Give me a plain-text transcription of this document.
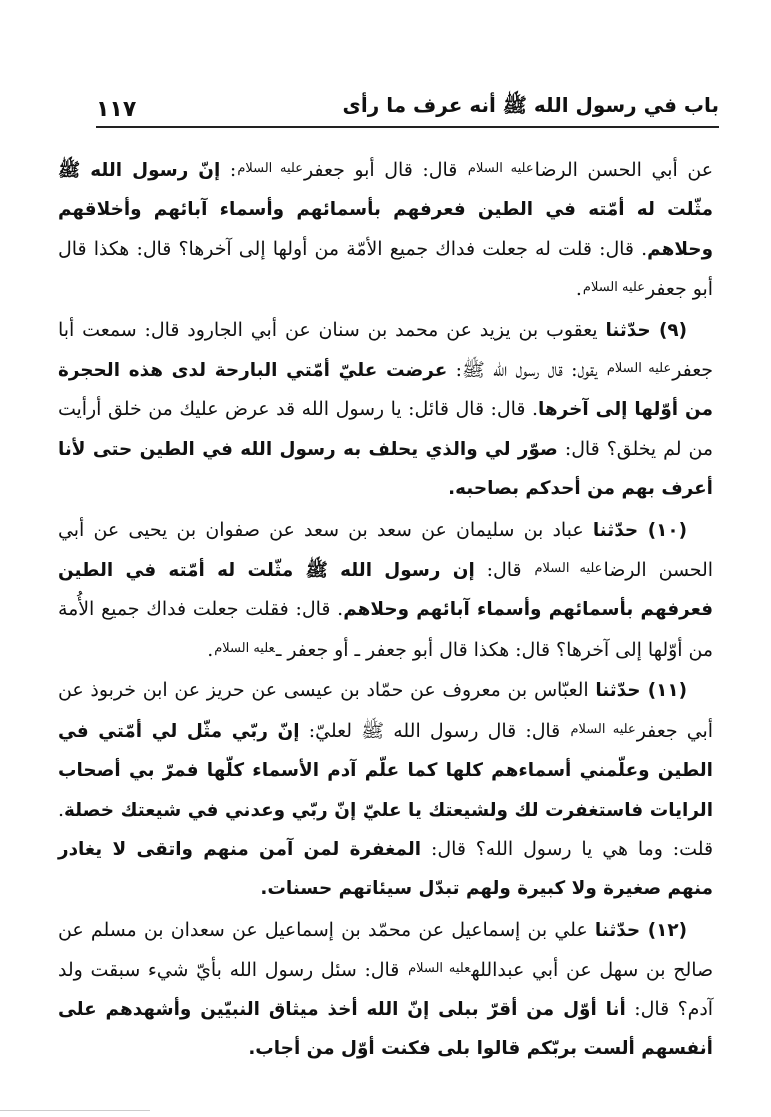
باب في رسول الله ﷺ أنه عرف ما رأى
١١٧

عن أبي الحسن الرضا$^{عليه السلام}$ قال: قال أبو جعفر$^{عليه السلام}$: إنّ رسول الله ﷺ مثّلت له أمّته في الطين فعرفهم بأسمائهم وأسماء آبائهم وأخلاقهم وحلاهم. قال: قلت له جعلت فداك جميع الأمّة من أولها إلى آخرها؟ قال: هكذا قال أبو جعفر$^{عليه السلام}$.

(٩) حدّثنا يعقوب بن يزيد عن محمد بن سنان عن أبي الجارود قال: سمعت أبا جعفر$^{عليه السلام}$ يقول: قال رسول الله ﷺ: عرضت عليّ أمّتي البارحة لدى هذه الحجرة من أوّلها إلى آخرها. قال: قال قائل: يا رسول الله قد عرض عليك من خلق أرأيت من لم يخلق؟ قال: صوّر لي والذي يحلف به رسول الله في الطين حتى لأنا أعرف بهم من أحدكم بصاحبه.

(١٠) حدّثنا عباد بن سليمان عن سعد بن سعد عن صفوان بن يحيى عن أبي الحسن الرضا$^{عليه السلام}$ قال: إن رسول الله ﷺ مثّلت له أمّته في الطين فعرفهم بأسمائهم وأسماء آبائهم وحلاهم. قال: فقلت جعلت فداك جميع الأُمة من أوّلها إلى آخرها؟ قال: هكذا قال أبو جعفر ـ أو جعفر ـ$^{عليه السلام}$.

(١١) حدّثنا العبّاس بن معروف عن حمّاد بن عيسى عن حريز عن ابن خربوذ عن أبي جعفر$^{عليه السلام}$ قال: قال رسول الله ﷺ لعليّ: إنّ ربّي مثّل لي أمّتي في الطين وعلّمني أسماءهم كلها كما علّم آدم الأسماء كلّها فمرّ بي أصحاب الرايات فاستغفرت لك ولشيعتك يا عليّ إنّ ربّي وعدني في شيعتك خصلة. قلت: وما هي يا رسول الله؟ قال: المغفرة لمن آمن منهم واتقى لا يغادر منهم صغيرة ولا كبيرة ولهم تبدّل سيئاتهم حسنات.

(١٢) حدّثنا علي بن إسماعيل عن محمّد بن إسماعيل عن سعدان بن مسلم عن صالح بن سهل عن أبي عبدالله$^{عليه السلام}$ قال: سئل رسول الله بأيّ شيء سبقت ولد آدم؟ قال: أنا أوّل من أقرّ ببلى إنّ الله أخذ ميثاق النبيّين وأشهدهم على أنفسهم ألست بربّكم قالوا بلى فكنت أوّل من أجاب.
